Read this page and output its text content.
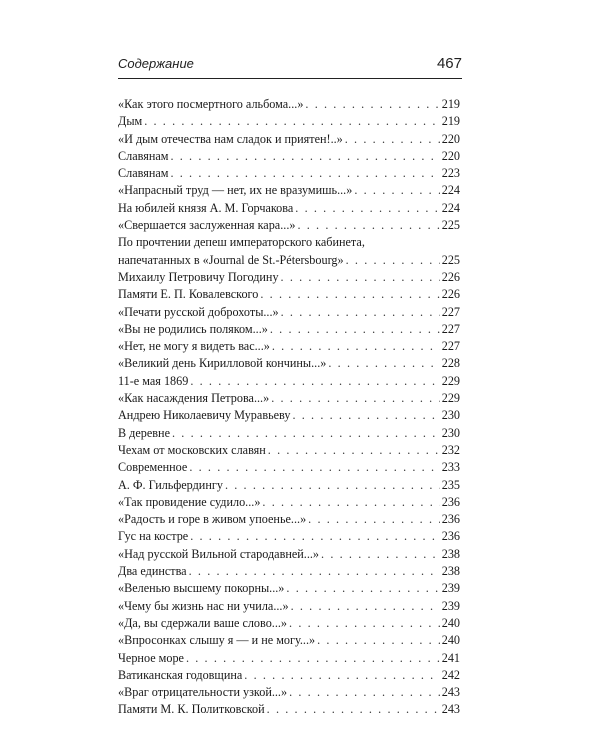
Содержание	467
«Как этого посмертного альбома...» . . .	219
Дым . . .	219
«И дым отечества нам сладок и приятен!..» . . .	220
Славянам . . .	220
Славянам . . .	223
«Напрасный труд — нет, их не вразумишь...» . . .	224
На юбилей князя А. М. Горчакова . . .	224
«Свершается заслуженная кара...» . . .	225
По прочтении депеш императорского кабинета,
напечатанных в «Journal de St.-Pétersbourg» . . .	225
Михаилу Петровичу Погодину . . .	226
Памяти Е. П. Ковалевского . . .	226
«Печати русской доброхоты...» . . .	227
«Вы не родились поляком...» . . .	227
«Нет, не могу я видеть вас...» . . .	227
«Великий день Кирилловой кончины...» . . .	228
11-е мая 1869 . . .	229
«Как насаждения Петрова...» . . .	229
Андрею Николаевичу Муравьеву . . .	230
В деревне . . .	230
Чехам от московских славян . . .	232
Современное . . .	233
А. Ф. Гильфердингу . . .	235
«Так провидение судило...» . . .	236
«Радость и горе в живом упоенье...» . . .	236
Гус на костре . . .	236
«Над русской Вильной стародавней...» . . .	238
Два единства . . .	238
«Веленью высшему покорны...» . . .	239
«Чему бы жизнь нас ни учила...» . . .	239
«Да, вы сдержали ваше слово...» . . .	240
«Впросонках слышу я — и не могу...» . . .	240
Черное море . . .	241
Ватиканская годовщина . . .	242
«Враг отрицательности узкой...» . . .	243
Памяти М. К. Политковской . . .	243
